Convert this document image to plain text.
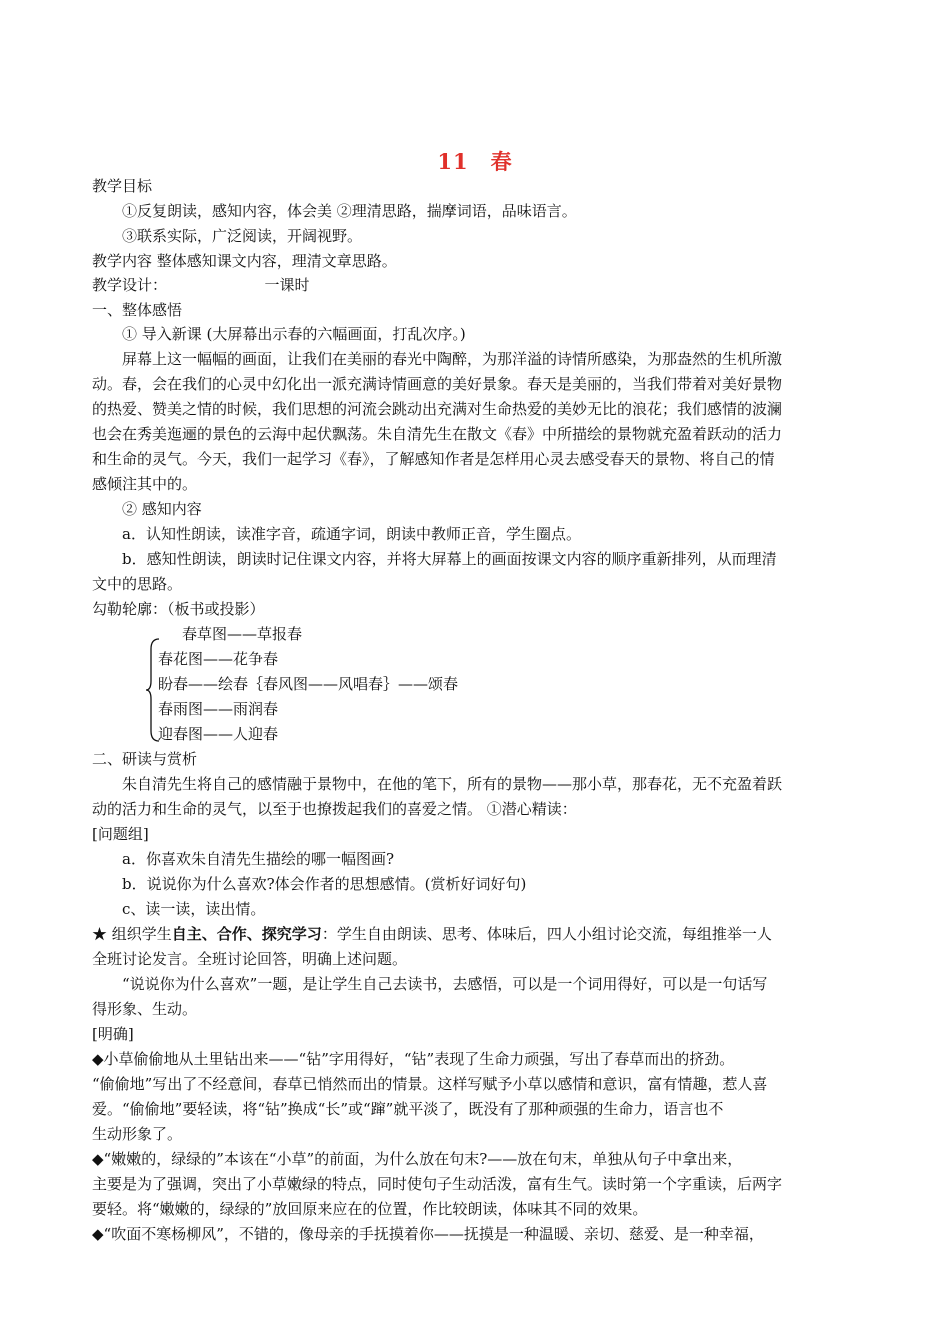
11　春
教学目标
①反复朗读，感知内容，体会美 ②理清思路，揣摩词语，品味语言。
③联系实际，广泛阅读，开阔视野。
教学内容 整体感知课文内容，理清文章思路。
教学设计：　　　　　　　一课时
一、整体感悟
① 导入新课 (大屏幕出示春的六幅画面，打乱次序。)
屏幕上这一幅幅的画面，让我们在美丽的春光中陶醉，为那洋溢的诗情所感染，为那盎然的生机所激
动。春，会在我们的心灵中幻化出一派充满诗情画意的美好景象。春天是美丽的，当我们带着对美好景物
的热爱、赞美之情的时候，我们思想的河流会跳动出充满对生命热爱的美妙无比的浪花；我们感情的波澜
也会在秀美迤逦的景色的云海中起伏飘荡。朱自清先生在散文《春》中所描绘的景物就充盈着跃动的活力
和生命的灵气。今天，我们一起学习《春》，了解感知作者是怎样用心灵去感受春天的景物、将自己的情
感倾注其中的。
② 感知内容
a．认知性朗读，读准字音，疏通字词，朗读中教师正音，学生圈点。
b．感知性朗读，朗读时记住课文内容，并将大屏幕上的画面按课文内容的顺序重新排列，从而理清
文中的思路。
勾勒轮廓：（板书或投影）
春草图——草报春
春花图——花争春
盼春——绘春｛春风图——风唱春｝——颂春
春雨图——雨润春
迎春图——人迎春
二、研读与赏析
朱自清先生将自己的感情融于景物中，在他的笔下，所有的景物——那小草，那春花，无不充盈着跃
动的活力和生命的灵气，以至于也撩拨起我们的喜爱之情。 ①潜心精读：
[问题组]
a．你喜欢朱自清先生描绘的哪一幅图画?
b．说说你为什么喜欢?体会作者的思想感情。(赏析好词好句)
c、读一读，读出情。
★ 组织学生自主、合作、探究学习：学生自由朗读、思考、体味后，四人小组讨论交流，每组推举一人
全班讨论发言。全班讨论回答，明确上述问题。
“说说你为什么喜欢”一题，是让学生自己去读书，去感悟，可以是一个词用得好，可以是一句话写
得形象、生动。
[明确]
◆小草偷偷地从土里钻出来——“钻”字用得好，“钻”表现了生命力顽强，写出了春草而出的挤劲。
“偷偷地”写出了不经意间，春草已悄然而出的情景。这样写赋予小草以感情和意识，富有情趣，惹人喜
爱。“偷偷地”要轻读，将“钻”换成“长”或“蹿”就平淡了，既没有了那种顽强的生命力，语言也不
生动形象了。
◆“嫩嫩的，绿绿的”本该在“小草”的前面，为什么放在句末?——放在句末，单独从句子中拿出来，
主要是为了强调，突出了小草嫩绿的特点，同时使句子生动活泼，富有生气。读时第一个字重读，后两字
要轻。将“嫩嫩的，绿绿的”放回原来应在的位置，作比较朗读，体味其不同的效果。
◆“吹面不寒杨柳风”，不错的，像母亲的手抚摸着你——抚摸是一种温暖、亲切、慈爱、是一种幸福，
